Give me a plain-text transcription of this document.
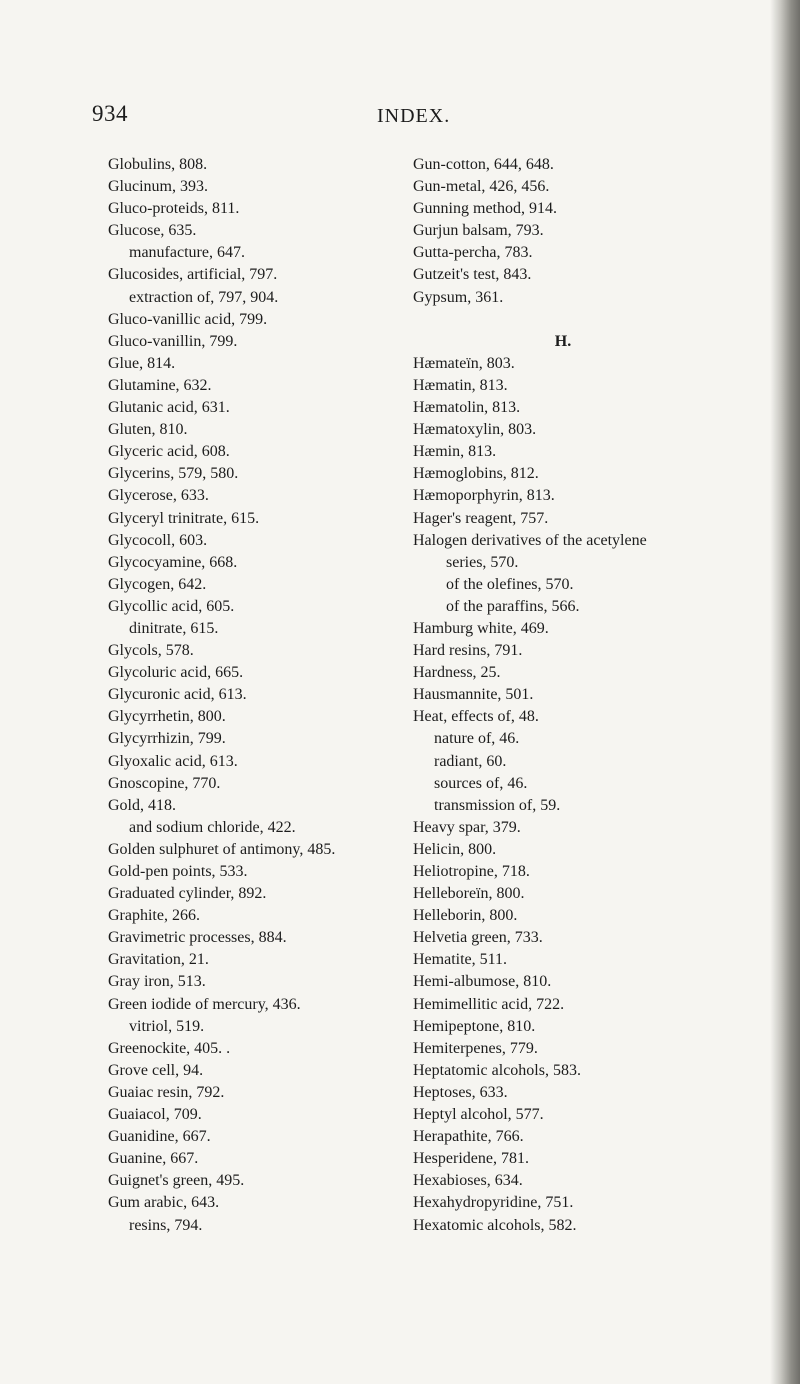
934	INDEX.
Globulins, 808.
Glucinum, 393.
Gluco-proteids, 811.
Glucose, 635.
manufacture, 647.
Glucosides, artificial, 797.
extraction of, 797, 904.
Gluco-vanillic acid, 799.
Gluco-vanillin, 799.
Glue, 814.
Glutamine, 632.
Glutanic acid, 631.
Gluten, 810.
Glyceric acid, 608.
Glycerins, 579, 580.
Glycerose, 633.
Glyceryl trinitrate, 615.
Glycocoll, 603.
Glycocyamine, 668.
Glycogen, 642.
Glycollic acid, 605.
dinitrate, 615.
Glycols, 578.
Glycoluric acid, 665.
Glycuronic acid, 613.
Glycyrrhetin, 800.
Glycyrrhizin, 799.
Glyoxalic acid, 613.
Gnoscopine, 770.
Gold, 418.
and sodium chloride, 422.
Golden sulphuret of antimony, 485.
Gold-pen points, 533.
Graduated cylinder, 892.
Graphite, 266.
Gravimetric processes, 884.
Gravitation, 21.
Gray iron, 513.
Green iodide of mercury, 436.
vitriol, 519.
Greenockite, 405. .
Grove cell, 94.
Guaiac resin, 792.
Guaiacol, 709.
Guanidine, 667.
Guanine, 667.
Guignet's green, 495.
Gum arabic, 643.
resins, 794.
Gun-cotton, 644, 648.
Gun-metal, 426, 456.
Gunning method, 914.
Gurjun balsam, 793.
Gutta-percha, 783.
Gutzeit's test, 843.
Gypsum, 361.
H.
Hæmateïn, 803.
Hæmatin, 813.
Hæmatolin, 813.
Hæmatoxylin, 803.
Hæmin, 813.
Hæmoglobins, 812.
Hæmoporphyrin, 813.
Hager's reagent, 757.
Halogen derivatives of the acetylene
series, 570.
of the olefines, 570.
of the paraffins, 566.
Hamburg white, 469.
Hard resins, 791.
Hardness, 25.
Hausmannite, 501.
Heat, effects of, 48.
nature of, 46.
radiant, 60.
sources of, 46.
transmission of, 59.
Heavy spar, 379.
Helicin, 800.
Heliotropine, 718.
Helleboreïn, 800.
Helleborin, 800.
Helvetia green, 733.
Hematite, 511.
Hemi-albumose, 810.
Hemimellitic acid, 722.
Hemipeptone, 810.
Hemiterpenes, 779.
Heptatomic alcohols, 583.
Heptoses, 633.
Heptyl alcohol, 577.
Herapathite, 766.
Hesperidene, 781.
Hexabioses, 634.
Hexahydropyridine, 751.
Hexatomic alcohols, 582.
